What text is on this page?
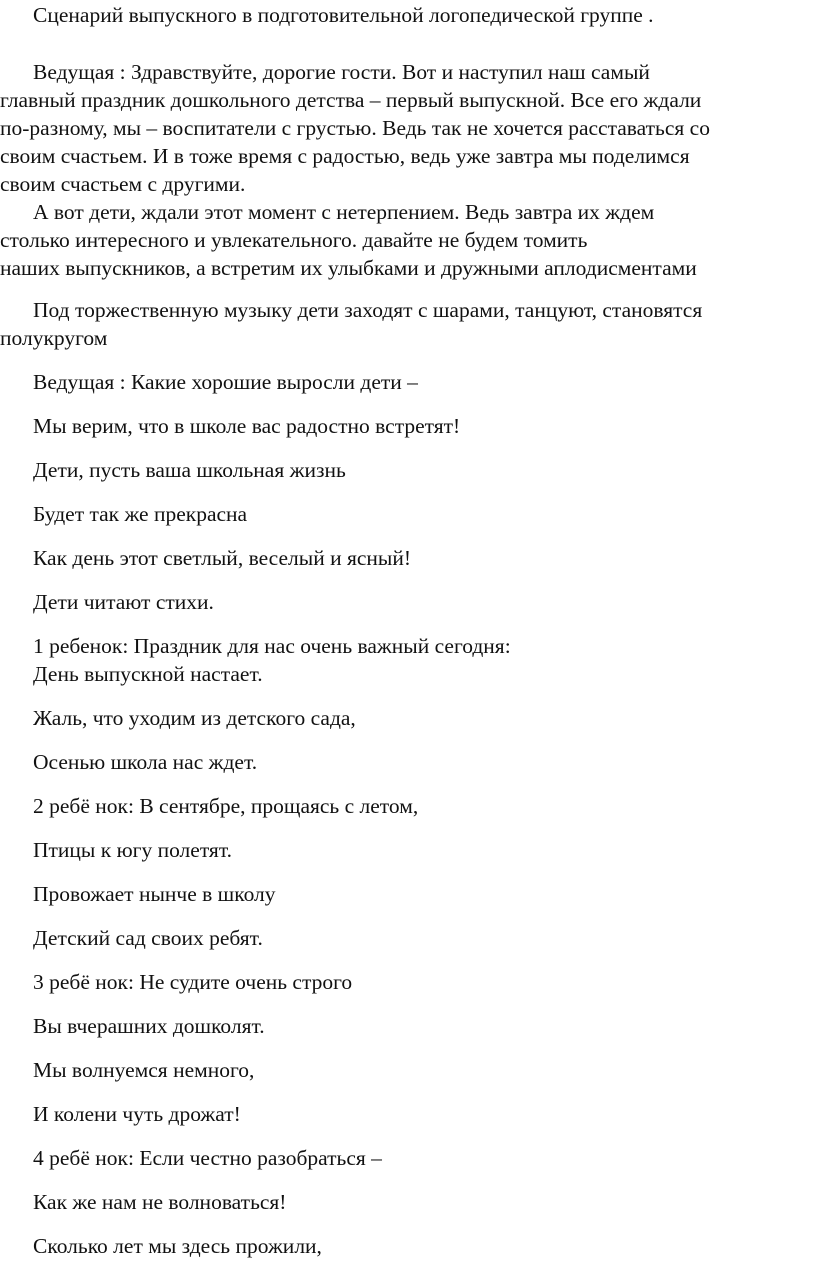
Сценарий выпускного в подготовительной логопедической группе .

Ведущая : Здравствуйте, дорогие гости. Вот и наступил наш самый

главный праздник дошкольного детства – первый выпускной. Все его ждали

по-разному, мы – воспитатели с грустью. Ведь так не хочется расставаться со

своим счастьем. И в тоже время с радостью, ведь уже завтра мы поделимся

своим счастьем с другими.

А вот дети, ждали этот момент с нетерпением. Ведь завтра их ждем

столько интересного и увлекательного. давайте не будем томить

наших выпускников, а встретим их улыбками и дружными аплодисментами

Под торжественную музыку дети заходят с шарами, танцуют, становятся

полукругом

Ведущая : Какие хорошие выросли дети –

Мы верим, что в школе вас радостно встретят!

Дети, пусть ваша школьная жизнь

Будет так же прекрасна

Как день этот светлый, веселый и ясный!

Дети читают стихи.

1 ребенок: Праздник для нас очень важный сегодня:

День выпускной настает.

Жаль, что уходим из детского сада,

Осенью школа нас ждет.

2 ребё нок: В сентябре, прощаясь с летом,

Птицы к югу полетят.

Провожает нынче в школу

Детский сад своих ребят.

3 ребё нок: Не судите очень строго

Вы вчерашних дошколят.

Мы волнуемся немного,

И колени чуть дрожат!

4 ребё нок: Если честно разобраться –

Как же нам не волноваться!

Сколько лет мы здесь прожили,
